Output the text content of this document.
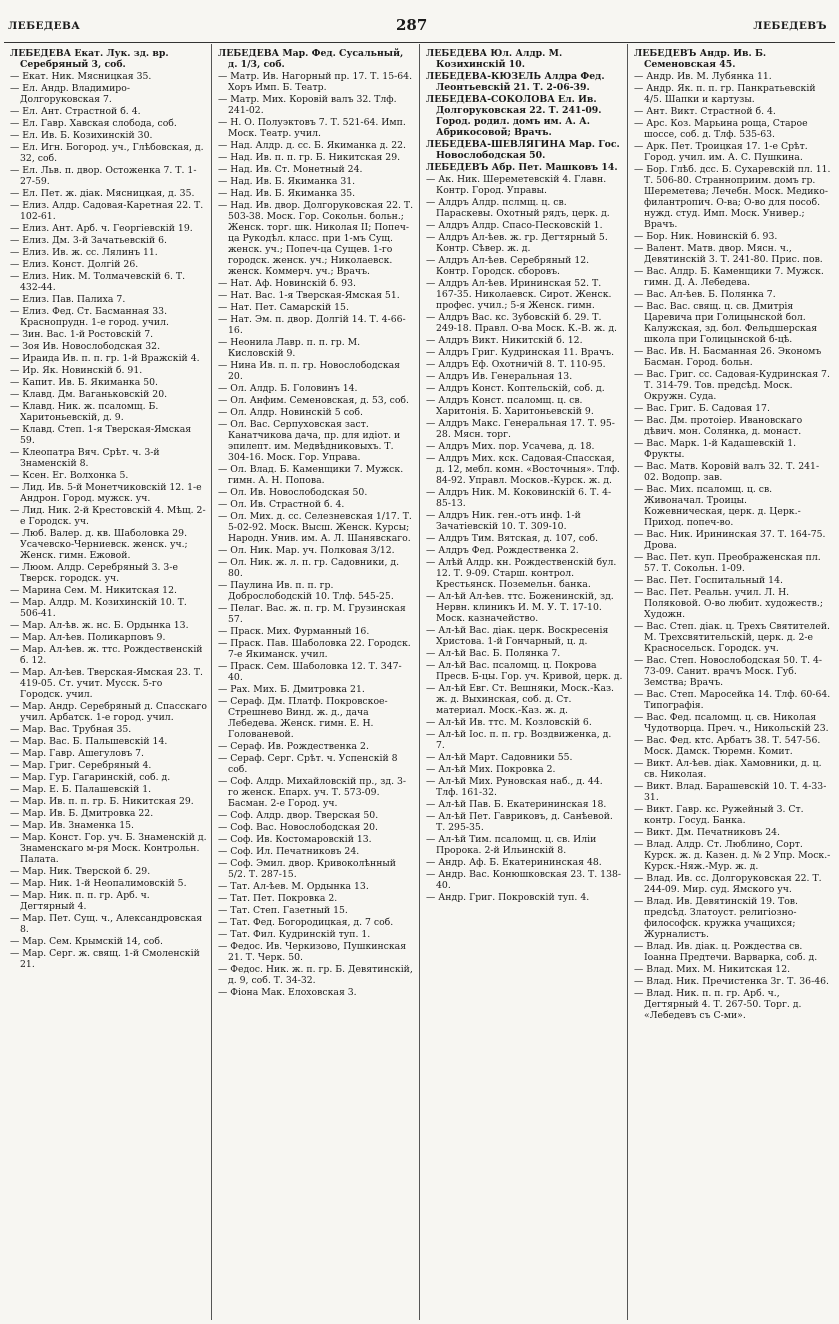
ЛЕБЕДЕВА	287	ЛЕБЕДЕВЪ
ЛЕБЕДЕВА Екат. Лук. зд. вр. Серебряный 3, соб.
— Екат. Ник. Мясницкая 35.
— Ел. Андр. Владимиро-Долгоруковская 7.
— Ел. Ант. Страстной б. 4.
— Ел. Гавр. Хавская слобода, соб.
— Ел. Ив. Б. Козихинскій 30.
— Ел. Игн. Богород. уч., Глѣбовская, д. 32, соб.
— Ел. Льв. п. двор. Остоженка 7. Т. 1-27-59.
— Ел. Пет. ж. діак. Мясницкая, д. 35.
— Елиз. Алдр. Садовая-Каретная 22. Т. 102-61.
— Елиз. Ант. Арб. ч. Георгіевскій 19.
— Елиз. Дм. 3-й Зачатьевскій 6.
— Елиз. Ив. ж. сс. Лялинъ 11.
— Елиз. Конст. Долгій 26.
— Елиз. Ник. М. Толмачевскій 6. Т. 432-44.
— Елиз. Пав. Палиха 7.
— Елиз. Фед. Ст. Басманная 33. Краснопрудн. 1-е город. учил.
— Зин. Вас. 1-й Ростовскій 7.
— Зоя Ив. Новослободская 32.
— Ираида Ив. п. п. гр. 1-й Вражскій 4.
— Ир. Як. Новинскій б. 91.
— Капит. Ив. Б. Якиманка 50.
— Клавд. Дм. Ваганьковскій 20.
— Клавд. Ник. ж. псаломщ. Б. Харитоньевскій, д. 9.
— Клавд. Степ. 1-я Тверская-Ямская 59.
— Клеопатра Вяч. Срѣт. ч. 3-й Знаменскій 8.
— Ксен. Ег. Волхонка 5.
— Лид. Ив. 5-й Монетчиковскій 12. 1-е Андрон. Город. мужск. уч.
— Лид. Ник. 2-й Крестовскій 4. Мѣщ. 2-е Городск. уч.
— Люб. Валер. д. кв. Шаболовка 29. Усачевско-Черниевск. женск. уч.; Женск. гимн. Ежовой.
— Люом. Алдр. Серебряный 3. 3-е Тверск. городск. уч.
— Марина Сем. М. Никитская 12.
— Мар. Алдр. М. Козихинскій 10. Т. 506-41.
— Мар. Ал-ѣв. ж. нс. Б. Ордынка 13.
— Мар. Ал-ѣев. Поликарповъ 9.
— Мар. Ал-ѣев. ж. ттс. Рождественскій б. 12.
— Мар. Ал-ѣев. Тверская-Ямская 23. Т. 419-05. Ст. учит. Мусск. 5-го Городск. учил.
— Мар. Андр. Серебряный д. Спасскаго учил. Арбатск. 1-е город. учил.
— Мар. Вас. Трубная 35.
— Мар. Вас. Б. Пальшевскій 14.
— Мар. Гавр. Ашегуловъ 7.
— Мар. Григ. Серебряный 4.
— Мар. Гур. Гагаринскій, соб. д.
— Мар. Е. Б. Палашевскій 1.
— Мар. Ив. п. п. гр. Б. Никитская 29.
— Мар. Ив. Б. Дмитровка 22.
— Мар. Ив. Знаменка 15.
— Мар. Конст. Гор. уч. Б. Знаменскій д. Знаменскаго м-ря Моск. Контрольн. Палата.
— Мар. Ник. Тверской б. 29.
— Мар. Ник. 1-й Неопалимовскій 5.
— Мар. Ник. п. п. гр. Арб. ч. Дегтярный 4.
— Мар. Пет. Сущ. ч., Александровская 8.
— Мар. Сем. Крымскій 14, соб.
— Мар. Серг. ж. свящ. 1-й Смоленскій 21.
ЛЕБЕДЕВА Мар. Фед. Сусальный, д. 1/3, соб.
— Матр. Ив. Нагорный пр. 17. Т. 15-64. Хоръ Имп. Б. Театр.
— Матр. Мих. Коровій валъ 32. Тлф. 241-02.
— Н. О. Полуэктовъ 7. Т. 521-64. Имп. Моск. Театр. учил.
— Над. Алдр. д. сс. Б. Якиманка д. 22.
— Над. Ив. п. п. гр. Б. Никитская 29.
— Над. Ив. Ст. Монетный 24.
— Над. Ив. Б. Якиманка 31.
— Над. Ив. Б. Якиманка 35.
— Над. Ив. двор. Долгоруковская 22. Т. 503-38. Моск. Гор. Сокольн. больн.; Женск. торг. шк. Николая II; Попеч-ца Рукодѣл. класс. при 1-мъ Сущ. женск. уч.; Попеч-ца Сущев. 1-го городск. женск. уч.; Николаевск. женск. Коммерч. уч.; Врачъ.
— Нат. Аф. Новинскій б. 93.
— Нат. Вас. 1-я Тверская-Ямская 51.
— Нат. Пет. Самарскій 15.
— Нат. Эм. п. двор. Долгій 14. Т. 4-66-16.
— Неонила Лавр. п. п. гр. М. Кисловскій 9.
— Нина Ив. п. п. гр. Новослободская 20.
— Ол. Алдр. Б. Головинъ 14.
— Ол. Анфим. Семеновская, д. 53, соб.
— Ол. Алдр. Новинскій 5 соб.
— Ол. Вас. Серпуховская заст. Канатчикова дача, пр. для идіот. и эпилепт. им. Медвѣдниковыхъ. Т. 304-16. Моск. Гор. Управа.
— Ол. Влад. Б. Каменщики 7. Мужск. гимн. А. Н. Попова.
— Ол. Ив. Новослободская 50.
— Ол. Ив. Страстной б. 4.
— Ол. Мих. д. сс. Селезневская 1/17. Т. 5-02-92. Моск. Высш. Женск. Курсы; Народн. Унив. им. А. Л. Шанявскаго.
— Ол. Ник. Мар. уч. Полковая 3/12.
— Ол. Ник. ж. л. п. гр. Садовники, д. 80.
— Паулина Ив. п. п. гр. Доброслободскій 10. Тлф. 545-25.
— Пелаг. Вас. ж. п. гр. М. Грузинская 57.
— Праск. Мих. Фурманный 16.
— Праск. Пав. Шаболовка 22. Городск. 7-е Якиманск. учил.
— Праск. Сем. Шаболовка 12. Т. 347-40.
— Рах. Мих. Б. Дмитровка 21.
— Сераф. Дм. Платф. Покровское-Стрешнево Винд. ж. д., дача Лебедева. Женск. гимн. Е. Н. Голованевой.
— Сераф. Ив. Рождественка 2.
— Сераф. Серг. Срѣт. ч. Успенскій 8 соб.
— Соф. Алдр. Михайловскій пр., зд. 3-го женск. Епарх. уч. Т. 573-09. Басман. 2-е Город. уч.
— Соф. Алдр. двор. Тверская 50.
— Соф. Вас. Новослободская 20.
— Соф. Ив. Костомаровскій 13.
— Соф. Ил. Печатниковъ 24.
— Соф. Эмил. двор. Кривоколѣнный 5/2. Т. 287-15.
— Тат. Ал-ѣев. М. Ордынка 13.
— Тат. Пет. Покровка 2.
— Тат. Степ. Газетный 15.
— Тат. Фед. Богородицкая, д. 7 соб.
— Тат. Фил. Кудринскій туп. 1.
— Федос. Ив. Черкизово, Пушкинская 21. Т. Черк. 50.
— Федос. Ник. ж. п. гр. Б. Девятинскій, д. 9, соб. Т. 34-32.
— Фіона Мак. Елоховская 3.
ЛЕБЕДЕВА Юл. Алдр. М. Козихинскій 10.
ЛЕБЕДЕВА-КЮЗЕЛЬ Алдра Фед. Леонтьевскій 21. Т. 2-06-39.
ЛЕБЕДЕВА-СОКОЛОВА Ел. Ив. Долгоруковская 22. Т. 241-09. Город. родил. домъ им. А. А. Абрикосовой; Врачъ.
ЛЕБЕДЕВА-ШЕВЛЯГИНА Мар. Гос. Новослободская 50.
ЛЕБЕДЕВЪ Абр. Пет. Машковъ 14.
— Ак. Ник. Шереметевскій 4. Главн. Контр. Город. Управы.
— Алдръ Алдр. пслмщ. ц. св. Параскевы. Охотный рядъ, церк. д.
— Алдръ Алдр. Спасо-Песковскій 1.
— Алдръ Ал-ѣев. ж. гр. Дегтярный 5. Контр. Сѣвер. ж. д.
— Алдръ Ал-ѣев. Серебряный 12. Контр. Городск. сборовъ.
— Алдръ Ал-ѣев. Ирининская 52. Т. 167-35. Николаевск. Сирот. Женск. профес. учил.; 5-я Женск. гимн.
— Алдръ Вас. кс. Зубовскій б. 29. Т. 249-18. Правл. О-ва Моск. К.-В. ж. д.
— Алдръ Викт. Никитскій б. 12.
— Алдръ Григ. Кудринская 11. Врачъ.
— Алдръ Еф. Охотничій 8. Т. 110-95.
— Алдръ Ив. Генеральная 13.
— Алдръ Конст. Коптельскій, соб. д.
— Алдръ Конст. псаломщ. ц. св. Харитонія. Б. Харитоньевскій 9.
— Алдръ Макс. Генеральная 17. Т. 95-28. Мясн. торг.
— Алдръ Мих. пор. Усачева, д. 18.
— Алдръ Мих. кск. Садовая-Спасская, д. 12, мебл. комн. «Восточныя». Тлф. 84-92. Управл. Москов.-Курск. ж. д.
— Алдръ Ник. М. Коковинскій 6. Т. 4-85-13.
— Алдръ Ник. ген.-отъ инф. 1-й Зачатіевскій 10. Т. 309-10.
— Алдръ Тим. Вятская, д. 107, соб.
— Алдръ Фед. Рождественка 2.
— Алѣй Алдр. кн. Рождественскій бул. 12. Т. 9-09. Старш. контрол. Крестьянск. Поземельн. банка.
— Ал-ѣй Ал-ѣев. ттс. Боженинскій, зд. Нервн. клиникъ И. М. У. Т. 17-10. Моск. казначейство.
— Ал-ѣй Вас. діак. церк. Воскресенія Христова. 1-й Гончарный, ц. д.
— Ал-ѣй Вас. Б. Полянка 7.
— Ал-ѣй Вас. псаломщ. ц. Покрова Пресв. Б-цы. Гор. уч. Кривой, церк. д.
— Ал-ѣй Евг. Ст. Вешняки, Моск.-Каз. ж. д. Выхинская, соб. д. Ст. материал. Моск.-Каз. ж. д.
— Ал-ѣй Ив. ттс. М. Козловскій 6.
— Ал-ѣй Іос. п. п. гр. Воздвиженка, д. 7.
— Ал-ѣй Март. Садовники 55.
— Ал-ѣй Мих. Покровка 2.
— Ал-ѣй Мих. Руновская наб., д. 44. Тлф. 161-32.
— Ал-ѣй Пав. Б. Екатерининская 18.
— Ал-ѣй Пет. Гавриковъ, д. Санѣевой. Т. 295-35.
— Ал-ѣй Тим. псаломщ. ц. св. Иліи Пророка. 2-й Ильинскій 8.
— Андр. Аф. Б. Екатерининская 48.
— Андр. Вас. Конюшковская 23. Т. 138-40.
— Андр. Григ. Покровскій туп. 4.
ЛЕБЕДЕВЪ Андр. Ив. Б. Семеновская 45.
— Андр. Ив. М. Лубянка 11.
— Андр. Як. п. п. гр. Панкратьевскій 4/5. Шапки и картузы.
— Ант. Викт. Страстной б. 4.
— Арс. Коз. Марьина роща, Старое шоссе, соб. д. Тлф. 535-63.
— Арк. Пет. Троицкая 17. 1-е Срѣт. Город. учил. им. А. С. Пушкина.
— Бор. Глѣб. дсс. Б. Сухаревскій пл. 11. Т. 506-80. Странноприим. домъ гр. Шереметева; Лечебн. Моск. Медико-филантропич. О-ва; О-во для пособ. нужд. студ. Имп. Моск. Универ.; Врачъ.
— Бор. Ник. Новинскій б. 93.
— Валент. Матв. двор. Мясн. ч., Девятинскій 3. Т. 241-80. Прис. пов.
— Вас. Алдр. Б. Каменщики 7. Мужск. гимн. Д. А. Лебедева.
— Вас. Ал-ѣев. Б. Полянка 7.
— Вас. Вас. свящ. ц. св. Дмитрія Царевича при Голицынской бол. Калужская, зд. бол. Фельдшерская школа при Голицынской б-цѣ.
— Вас. Ив. Н. Басманная 26. Экономъ Басман. Город. больн.
— Вас. Григ. сс. Садовая-Кудринская 7. Т. 314-79. Тов. предсѣд. Моск. Окружн. Суда.
— Вас. Григ. Б. Садовая 17.
— Вас. Дм. протоіер. Ивановскаго дѣвич. мон. Солянка, д. монаст.
— Вас. Марк. 1-й Кадашевскій 1. Фрукты.
— Вас. Матв. Коровій валъ 32. Т. 241-02. Водопр. зав.
— Вас. Мих. псаломщ. ц. св. Живоначал. Троицы. Кожевническая, церк. д. Церк.-Приход. попеч-во.
— Вас. Ник. Ирининская 37. Т. 164-75. Дрова.
— Вас. Пет. куп. Преображенская пл. 57. Т. Сокольн. 1-09.
— Вас. Пет. Госпитальный 14.
— Вас. Пет. Реальн. учил. Л. Н. Поляковой. О-во любит. художеств.; Художн.
— Вас. Степ. діак. ц. Трехъ Святителей. М. Трехсвятительскій, церк. д. 2-е Красносельск. Городск. уч.
— Вас. Степ. Новослободская 50. Т. 4-73-09. Санит. врачъ Моск. Губ. Земства; Врачъ.
— Вас. Степ. Маросейка 14. Тлф. 60-64. Типографія.
— Вас. Фед. псаломщ. ц. св. Николая Чудотворца. Преч. ч., Никольскій 23.
— Вас. Фед. ктс. Арбатъ 38. Т. 547-56. Моск. Дамск. Тюремн. Комит.
— Викт. Ал-ѣев. діак. Хамовники, д. ц. св. Николая.
— Викт. Влад. Барашевскій 10. Т. 4-33-31.
— Викт. Гавр. кс. Ружейный 3. Ст. контр. Госуд. Банка.
— Викт. Дм. Печатниковъ 24.
— Влад. Алдр. Ст. Люблино, Сорт. Курск. ж. д. Казен. д. № 2 Упр. Моск.-Курск.-Няж.-Мур. ж. д.
— Влад. Ив. сс. Долгоруковская 22. Т. 244-09. Мир. суд. Ямского уч.
— Влад. Ив. Девятинскій 19. Тов. предсѣд. Златоуст. религіозно-философск. кружка учащихся; Журналистъ.
— Влад. Ив. діак. ц. Рождества св. Іоанна Предтечи. Варварка, соб. д.
— Влад. Мих. М. Никитская 12.
— Влад. Ник. Пречистенка 3г. Т. 36-46.
— Влад. Ник. п. п. гр. Арб. ч., Дегтярный 4. Т. 267-50. Торг. д. «Лебедевъ съ С-ми».
